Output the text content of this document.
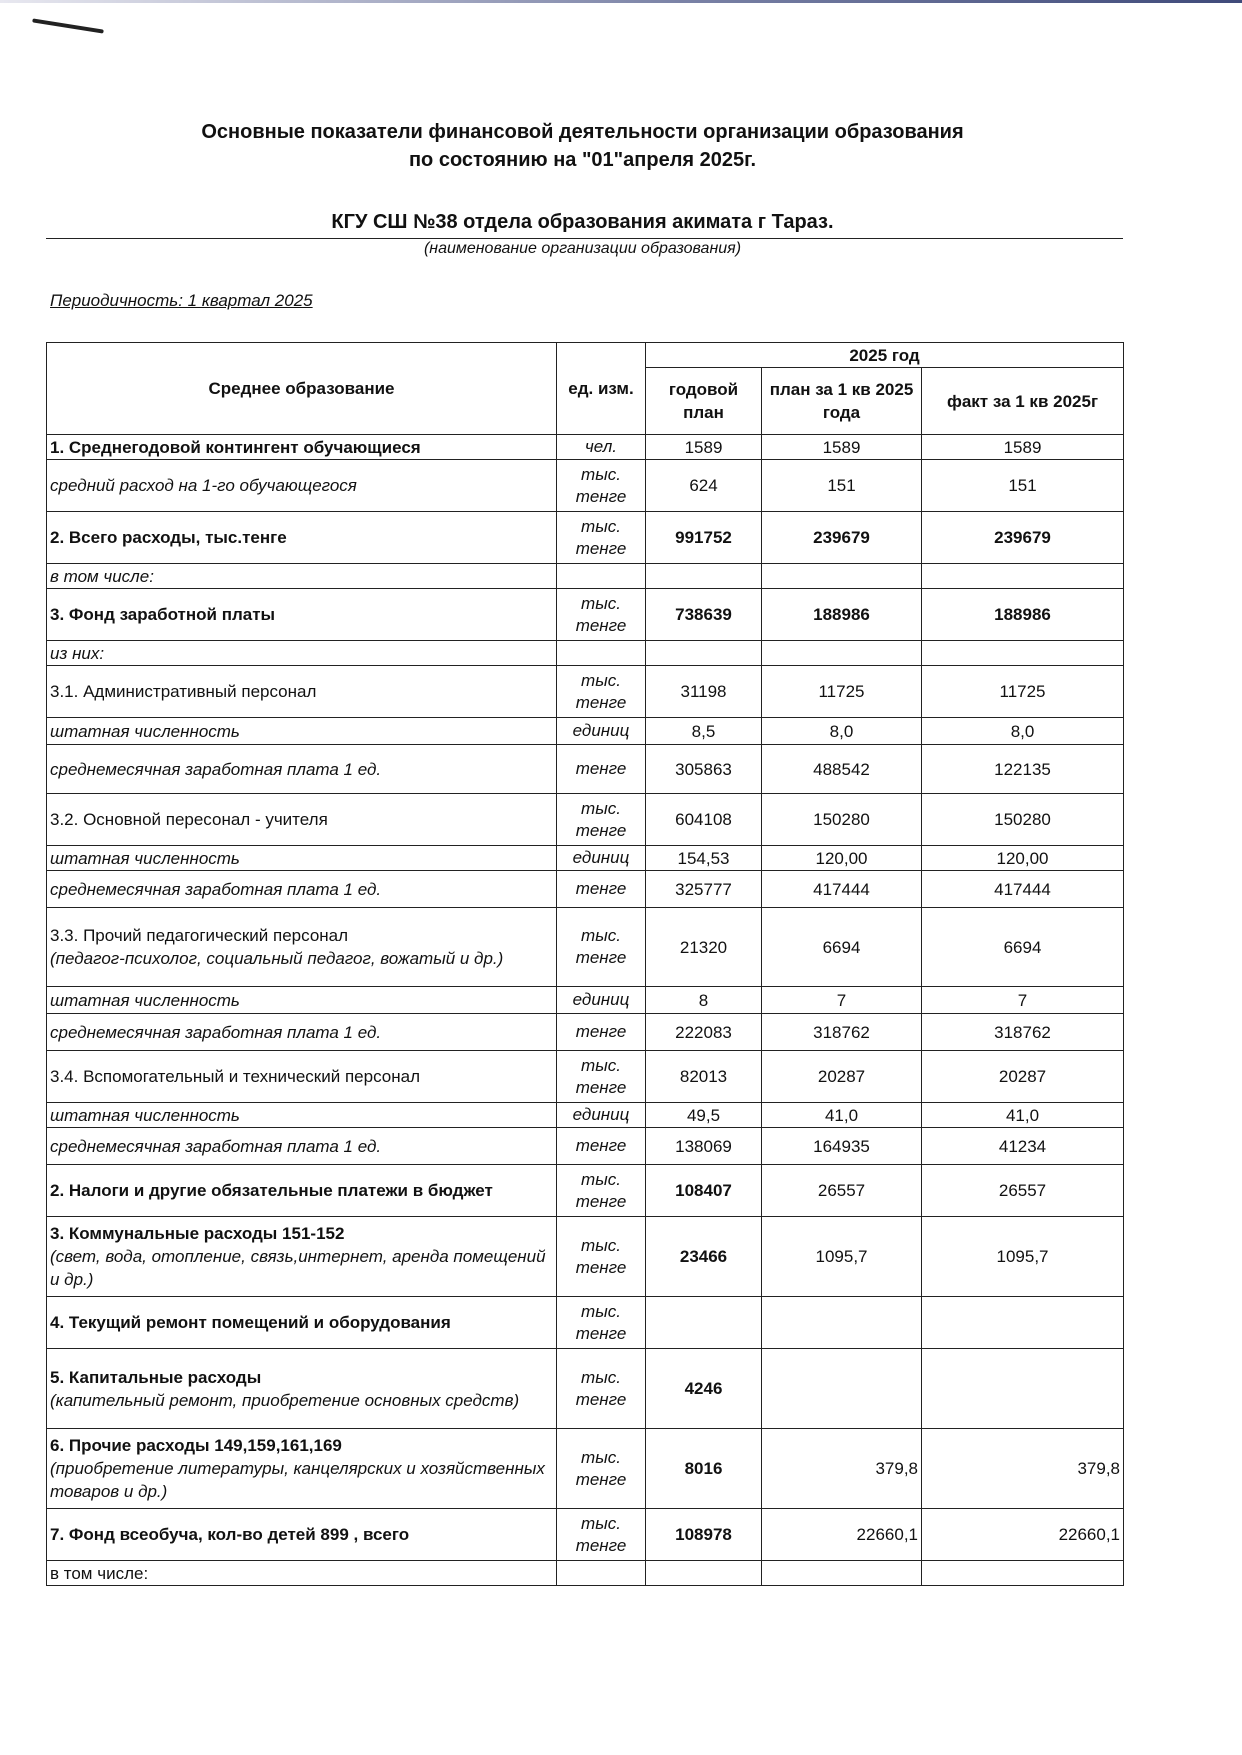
Основные показатели финансовой деятельности организации образования
по состоянию на "01"апреля 2025г.
КГУ СШ №38 отдела образования акимата г Тараз.
(наименование организации образования)
Периодичность: 1 квартал 2025
Среднее образование	ед. изм.	2025 год		
		годовой план	план за 1 кв 2025 года	факт за 1 кв 2025г
1. Среднегодовой контингент обучающиеся	чел.	1589	1589	1589
средний расход на 1-го обучающегося	тыс. тенге	624	151	151
2. Всего расходы, тыс.тенге	тыс. тенге	991752	239679	239679
в том числе:				
3. Фонд заработной платы	тыс. тенге	738639	188986	188986
из них:				
3.1. Административный персонал	тыс. тенге	31198	11725	11725
штатная численность	единиц	8,5	8,0	8,0
среднемесячная заработная плата 1 ед.	тенге	305863	488542	122135
3.2. Основной пересонал - учителя	тыс. тенге	604108	150280	150280
штатная численность	единиц	154,53	120,00	120,00
среднемесячная заработная плата 1 ед.	тенге	325777	417444	417444
3.3. Прочий педагогический персонал
(педагог-психолог, социальный педагог, вожатый и др.)	тыс. тенге	21320	6694	6694
штатная численность	единиц	8	7	7
среднемесячная заработная плата 1 ед.	тенге	222083	318762	318762
3.4. Вспомогательный и технический персонал	тыс. тенге	82013	20287	20287
штатная численность	единиц	49,5	41,0	41,0
среднемесячная заработная плата 1 ед.	тенге	138069	164935	41234
2. Налоги и другие обязательные платежи в бюджет	тыс. тенге	108407	26557	26557
3. Коммунальные расходы 151-152
(свет, вода, отопление, связь,интернет, аренда помещений и др.)	тыс. тенге	23466	1095,7	1095,7
4. Текущий ремонт помещений и оборудования	тыс. тенге			
5. Капитальные расходы
(капительный ремонт, приобретение основных средств)	тыс. тенге	4246		
6. Прочие расходы 149,159,161,169
(приобретение литературы, канцелярских и хозяйственных товаров и др.)	тыс. тенге	8016	379,8	379,8
7. Фонд всеобуча, кол-во детей 899 , всего	тыс. тенге	108978	22660,1	22660,1
в том числе:				
